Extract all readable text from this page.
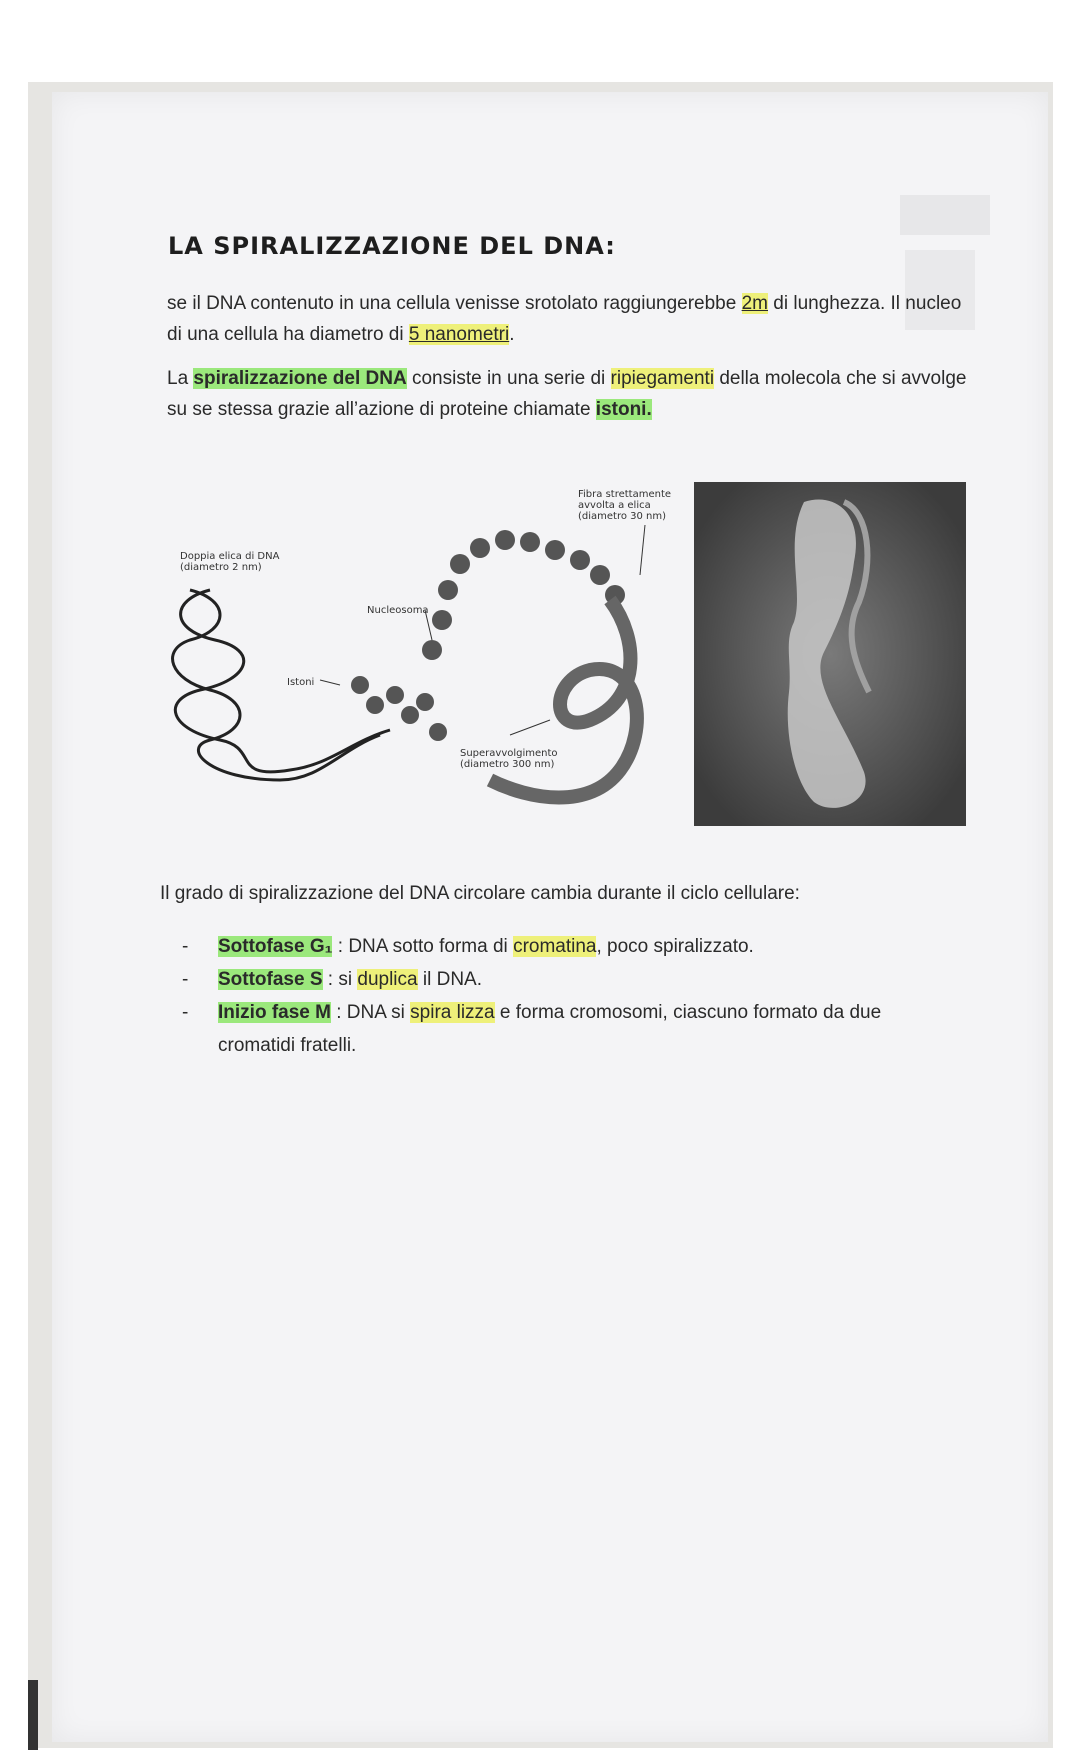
LA SPIRALIZZAZIONE DEL DNA:

se il DNA contenuto in una cellula venisse srotolato raggiungerebbe 2m di lunghezza. Il nucleo di una cellula ha diametro di 5 nanometri.

La spiralizzazione del DNA consiste in una serie di ripiegamenti della molecola che si avvolge su se stessa grazie all’azione di proteine chiamate istoni.

Doppia elica di DNA
(diametro 2 nm)
Nucleosoma
Istoni
Fibra strettamente
avvolta a elica
(diametro 30 nm)
Superavvolgimento
(diametro 300 nm)

Il grado di spiralizzazione del DNA circolare cambia durante il ciclo cellulare:

- Sottofase G₁ : DNA sotto forma di cromatina, poco spiralizzato.
- Sottofase S : si duplica il DNA.
- Inizio fase M : DNA si spira lizza e forma cromosomi, ciascuno formato da due cromatidi fratelli.
